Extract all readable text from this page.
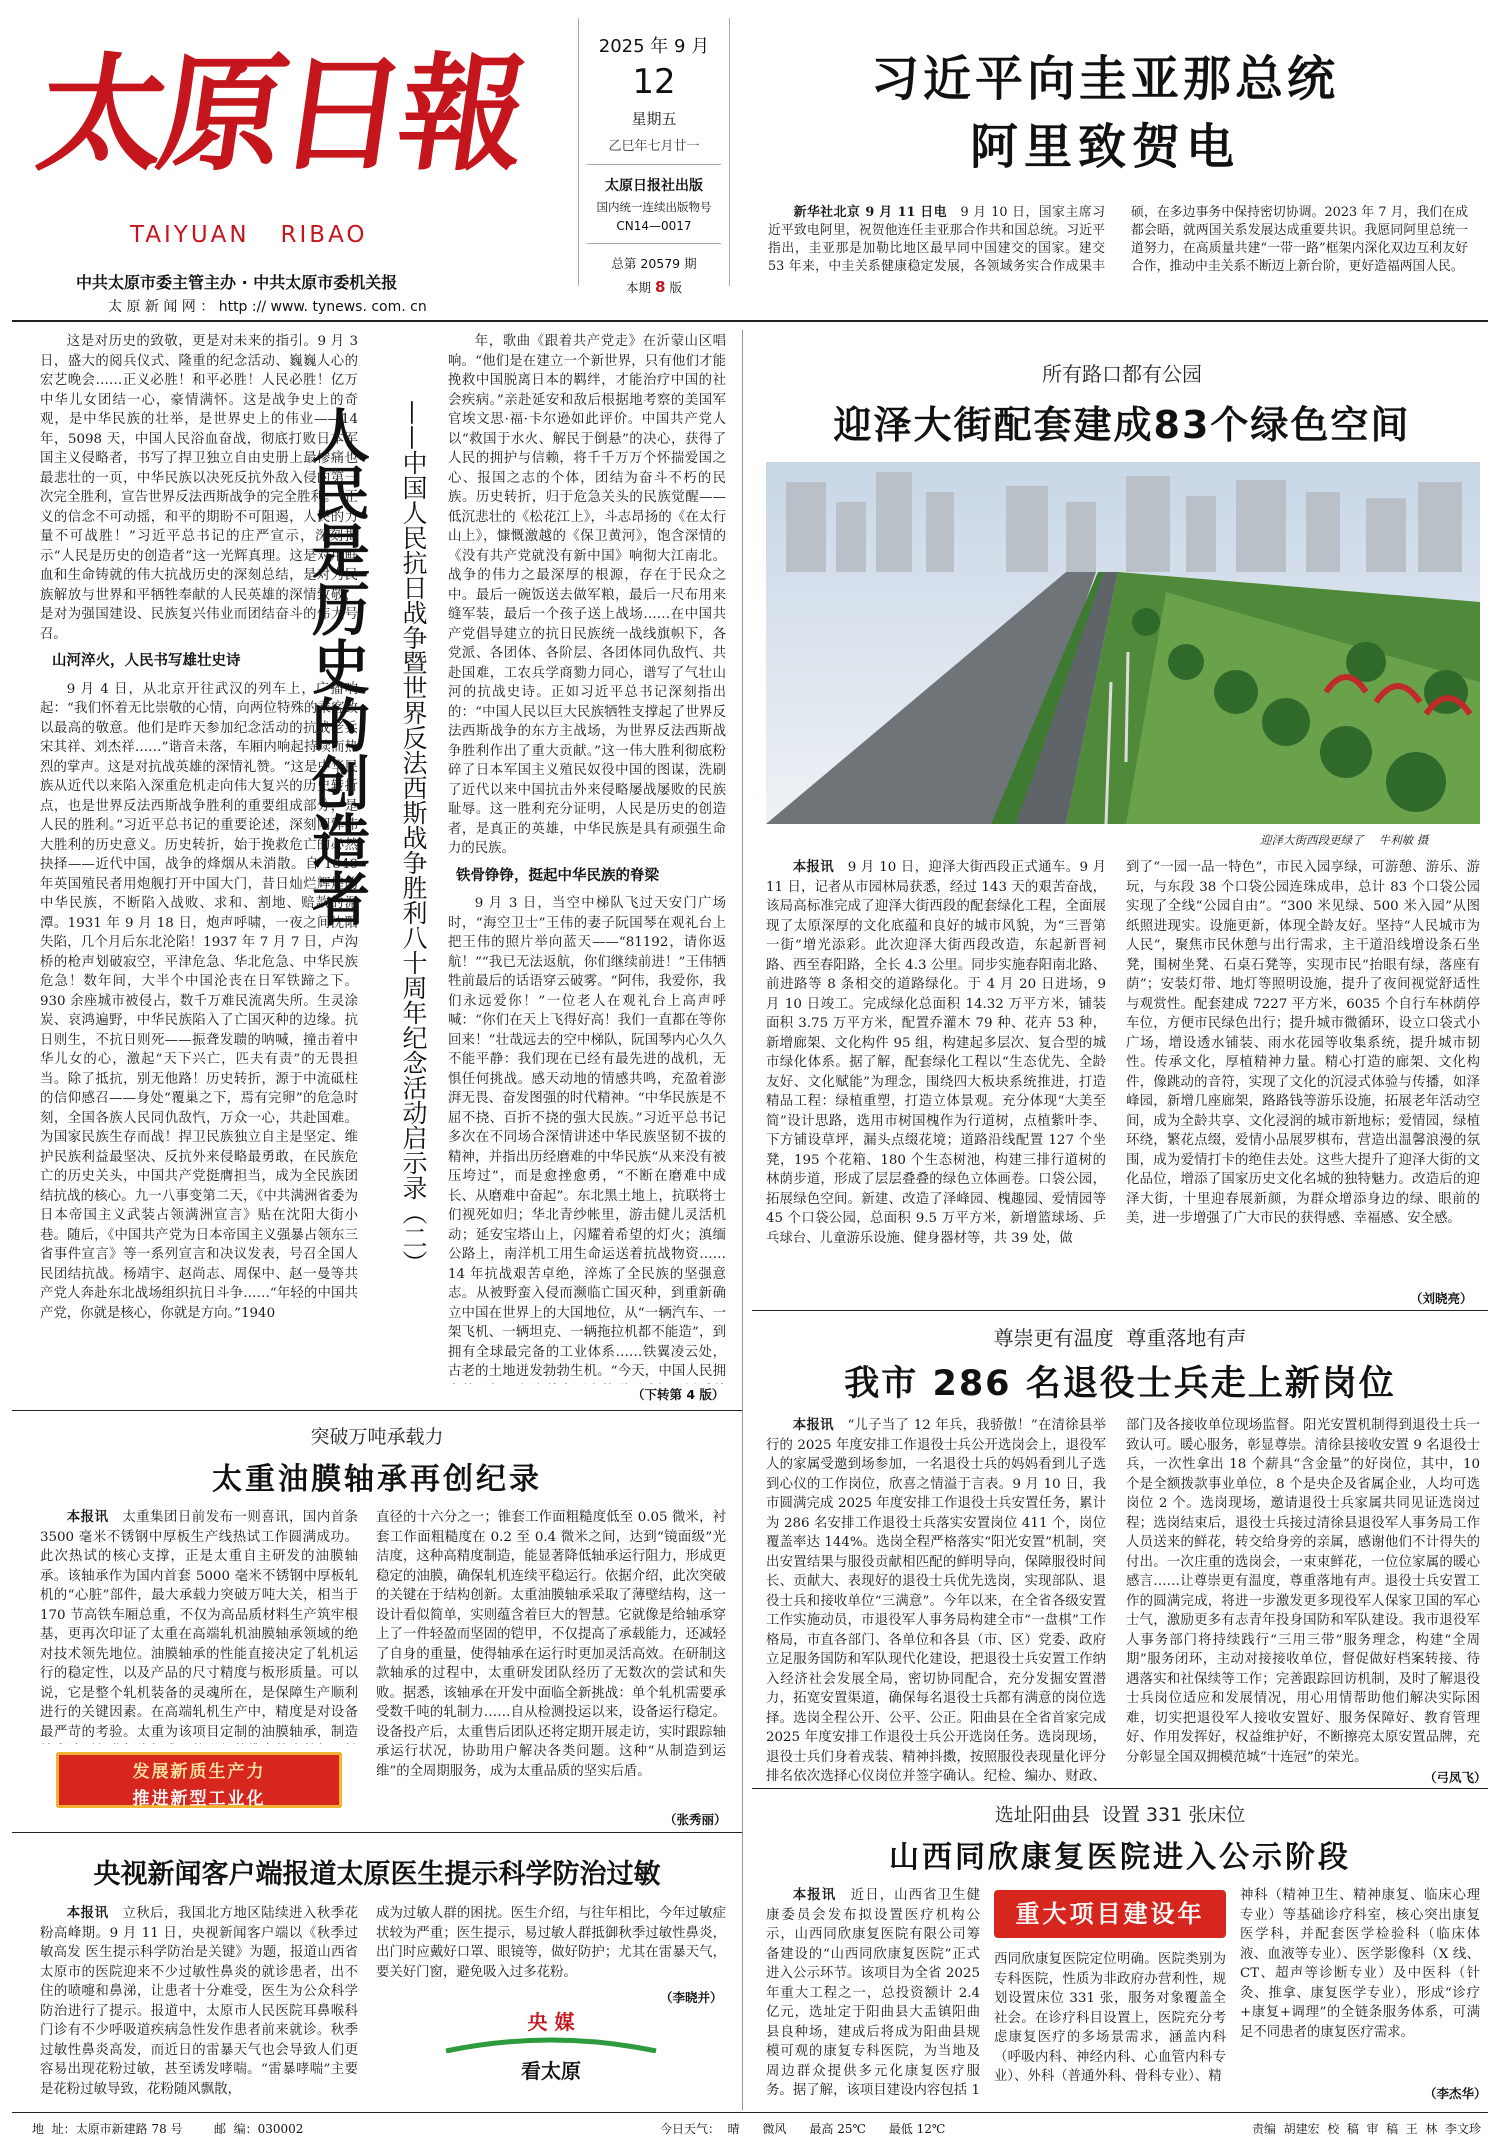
太原日報
TAIYUAN   RIBAO
中共太原市委主管主办 · 中共太原市委机关报
太 原 新 闻 网 ： http :// www. tynews. com. cn
2025 年 9 月
12
星期五
乙巳年七月廿一
太原日报社出版
国内统一连续出版物号
CN14—0017
总第 20579 期
本期 8 版
习近平向圭亚那总统
阿里致贺电

新华社北京 9 月 11 日电　 9 月 10 日，国家主席习近平致电阿里，祝贺他连任圭亚那合作共和国总统。习近平指出，圭亚那是加勒比地区最早同中国建交的国家。建交 53 年来，中圭关系健康稳定发展，各领域务实合作成果丰硕，在多边事务中保持密切协调。2023 年 7 月，我们在成都会晤，就两国关系发展达成重要共识。我愿同阿里总统一道努力，在高质量共建“一带一路”框架内深化双边互利友好合作，推动中圭关系不断迈上新台阶，更好造福两国人民。

这是对历史的致敬，更是对未来的指引。9 月 3 日，盛大的阅兵仪式、隆重的纪念活动、巍巍人心的宏艺晚会……正义必胜！和平必胜！人民必胜！亿万中华儿女团结一心，豪情满怀。这是战争史上的奇观，是中华民族的壮举，是世界史上的伟业——14 年，5098 天，中国人民浴血奋战，彻底打败日本军国主义侵略者，书写了捍卫独立自由史册上最惨痛也最悲壮的一页，中华民族以决死反抗外敌入侵的第一次完全胜利，宣告世界反法西斯战争的完全胜利。“正义的信念不可动摇，和平的期盼不可阻遏，人民的力量不可战胜！”习近平总书记的庄严宣示，深刻揭示“人民是历史的创造者”这一光辉真理。这是对用鲜血和生命铸就的伟大抗战历史的深刻总结，是对为民族解放与世界和平牺牲奉献的人民英雄的深情致敬，是对为强国建设、民族复兴伟业而团结奋斗的伟大号召。

山河淬火，人民书写雄壮史诗

9 月 4 日，从北京开往武汉的列车上，广播响起：“我们怀着无比崇敬的心情，向两位特殊的乘客致以最高的敬意。他们是昨天参加纪念活动的抗战老兵宋其祥、刘杰祥……”谐音未落，车厢内响起持续而热烈的掌声。这是对抗战英雄的深情礼赞。“这是中华民族从近代以来陷入深重危机走向伟大复兴的历史转折点，也是世界反法西斯战争胜利的重要组成部分，是人民的胜利。”习近平总书记的重要论述，深刻阐释伟大胜利的历史意义。历史转折，始于挽救危亡的必然抉择——近代中国，战争的烽烟从未消散。自 1840 年英国殖民者用炮舰打开中国大门，昔日灿烂辉煌的中华民族，不断陷入战败、求和、割地、赔款的泥潭。1931 年 9 月 18 日，炮声呼啸，一夜之间沈阳失陷，几个月后东北沦陷！1937 年 7 月 7 日，卢沟桥的枪声划破寂空，平津危急、华北危急、中华民族危急！数年间，大半个中国沦丧在日军铁蹄之下。930 余座城市被侵占，数千万难民流离失所。生灵涂炭、哀鸿遍野，中华民族陷入了亡国灭种的边缘。抗日则生，不抗日则死——振聋发聩的呐喊，撞击着中华儿女的心，激起“天下兴亡，匹夫有责”的无畏担当。除了抵抗，别无他路！历史转折，源于中流砥柱的信仰感召——身处“覆巢之下，焉有完卵”的危急时刻，全国各族人民同仇敌忾，万众一心，共赴国难。为国家民族生存而战！捍卫民族独立自主是坚定、维护民族利益最坚决、反抗外来侵略最勇敢，在民族危亡的历史关头，中国共产党挺膺担当，成为全民族团结抗战的核心。九一八事变第二天，《中共满洲省委为日本帝国主义武装占领满洲宣言》贴在沈阳大街小巷。随后，《中国共产党为日本帝国主义强暴占领东三省事件宣言》等一系列宣言和决议发表，号召全国人民团结抗战。杨靖宇、赵尚志、周保中、赵一曼等共产党人奔赴东北战场组织抗日斗争……“年轻的中国共产党，你就是核心，你就是方向。”1940

人民是历史的创造者	——中国人民抗日战争暨世界反法西斯战争胜利八十周年纪念活动启示录（二）

年，歌曲《跟着共产党走》在沂蒙山区唱响。“他们是在建立一个新世界，只有他们才能挽救中国脱离日本的羁绊，才能治疗中国的社会疾病。”亲赴延安和敌后根据地考察的美国军官埃文思·福·卡尔逊如此评价。中国共产党人以“救国于水火、解民于倒悬”的决心，获得了人民的拥护与信赖，将千千万万个怀揣爱国之心、报国之志的个体，团结为奋斗不朽的民族。历史转折，归于危急关头的民族觉醒——低沉悲壮的《松花江上》，斗志昂扬的《在太行山上》，慷慨激越的《保卫黄河》，饱含深情的《没有共产党就没有新中国》响彻大江南北。战争的伟力之最深厚的根源，存在于民众之中。最后一碗饭送去做军粮，最后一尺布用来缝军装，最后一个孩子送上战场……在中国共产党倡导建立的抗日民族统一战线旗帜下，各党派、各团体、各阶层、各团体同仇敌忾、共赴国难，工农兵学商勠力同心，谱写了气壮山河的抗战史诗。正如习近平总书记深刻指出的：“中国人民以巨大民族牺牲支撑起了世界反法西斯战争的东方主战场，为世界反法西斯战争胜利作出了重大贡献。”这一伟大胜利彻底粉碎了日本军国主义殖民奴役中国的图谋，洗刷了近代以来中国抗击外来侵略屡战屡败的民族耻辱。这一胜利充分证明，人民是历史的创造者，是真正的英雄，中华民族是具有顽强生命力的民族。

铁骨铮铮，挺起中华民族的脊梁

9 月 3 日，当空中梯队飞过天安门广场时，“海空卫士”王伟的妻子阮国琴在观礼台上把王伟的照片举向蓝天——“81192，请你返航！”“我已无法返航，你们继续前进！”王伟牺牲前最后的话语穿云破雾。“阿伟，我爱你，我们永远爱你！”一位老人在观礼台上高声呼喊：“你们在天上飞得好高！我们一直都在等你回来！”壮哉远去的空中梯队，阮国琴内心久久不能平静：我们现在已经有最先进的战机，无惧任何挑战。感天动地的情感共鸣，充盈着澎湃无畏、奋发图强的时代精神。“中华民族是不屈不挠、百折不挠的强大民族。”习近平总书记多次在不同场合深情讲述中华民族坚韧不拔的精神，并指出历经磨难的中华民族“从来没有被压垮过”，而是愈挫愈勇，“不断在磨难中成长、从磨难中奋起”。东北黑土地上，抗联将士们视死如归；华北青纱帐里，游击健儿灵活机动；延安宝塔山上，闪耀着希望的灯火；滇缅公路上，南洋机工用生命运送着抗战物资……14 年抗战艰苦卓绝，淬炼了全民族的坚强意志。从被野蛮入侵而濒临亡国灭种，到重新确立中国在世界上的大国地位，从“一辆汽车、一架飞机、一辆坦克、一辆拖拉机都不能造”，到拥有全球最完备的工业体系……铁翼凌云处，古老的土地迸发勃勃生机。“今天，中国人民拥

（下转第 4 版）
所有路口都有公园
迎泽大街配套建成83个绿色空间
迎泽大街西段更绿了 　 牛利敏 摄

本报讯　9 月 10 日，迎泽大街西段正式通车。9 月 11 日，记者从市园林局获悉，经过 143 天的艰苦奋战，该局高标准完成了迎泽大街西段的配套绿化工程，全面展现了太原深厚的文化底蕴和良好的城市风貌，为“三晋第一街”增光添彩。此次迎泽大街西段改造，东起新晋祠路、西至春阳路，全长 4.3 公里。同步实施春阳南北路、前进路等 8 条相交的道路绿化。于 4 月 20 日进场，9 月 10 日竣工。完成绿化总面积 14.32 万平方米，铺装面积 3.75 万平方米，配置乔灌木 79 种、花卉 53 种，新增廊架、文化构件 95 组，构建起多层次、复合型的城市绿化体系。据了解，配套绿化工程以“生态优先、全龄友好、文化赋能”为理念，围绕四大板块系统推进，打造精品工程：绿植重塑，打造立体景观。充分体现“大美至简”设计思路，选用市树国槐作为行道树，点植紫叶李、下方铺设草坪，漏头点缀花境；道路沿线配置 127 个坐凳，195 个花箱、180 个生态树池，构建三排行道树的林荫步道，形成了层层叠叠的绿色立体画卷。口袋公园，拓展绿色空间。新建、改造了泽峰园、槐趣园、爱情园等 45 个口袋公园，总面积 9.5 万平方米，新增篮球场、乒乓球台、儿童游乐设施、健身器材等，共 39 处，做

到了“一园一品一特色”，市民入园享绿，可游憩、游乐、游玩，与东段 38 个口袋公园连珠成串，总计 83 个口袋公园实现了全线“公园自由”。“300 米见绿、500 米入园”从图纸照进现实。设施更新，体现全龄友好。坚持“人民城市为人民”，聚焦市民休憩与出行需求，主干道沿线增设条石坐凳，围树坐凳、石桌石凳等，实现市民“抬眼有绿，落座有荫”；安装灯带、地灯等照明设施，提升了夜间视觉舒适性与观赏性。配套建成 7227 平方米，6035 个自行车林荫停车位，方便市民绿色出行；提升城市微循环，设立口袋式小广场，增设透水铺装、雨水花园等收集系统，提升城市韧性。传承文化，厚植精神力量。精心打造的廊架、文化构件，像跳动的音符，实现了文化的沉浸式体验与传播，如泽峰园，新增几座廊架，路路钱等游乐设施，拓展老年活动空间，成为全龄共享、文化浸润的城市新地标；爱情园，绿植环绕，繁花点缀，爱情小品展罗棋布，营造出温馨浪漫的氛围，成为爱情打卡的绝佳去处。这些大提升了迎泽大街的文化品位，增添了国家历史文化名城的独特魅力。改造后的迎泽大街，十里迎春展新颜，为群众增添身边的绿、眼前的美，进一步增强了广大市民的获得感、幸福感、安全感。

（刘晓亮）
尊崇更有温度  尊重落地有声
我市 286 名退役士兵走上新岗位

本报讯　“儿子当了 12 年兵，我骄傲！”在清徐县举行的 2025 年度安排工作退役士兵公开选岗会上，退役军人的家属受邀到场参加，一名退役士兵的妈妈看到儿子选到心仪的工作岗位，欣喜之情溢于言表。9 月 10 日，我市圆满完成 2025 年度安排工作退役士兵安置任务，累计为 286 名安排工作退役士兵落实安置岗位 411 个，岗位覆盖率达 144%。选岗全程严格落实“阳光安置”机制，突出安置结果与服役贡献相匹配的鲜明导向，保障服役时间长、贡献大、表现好的退役士兵优先选岗，实现部队、退役士兵和接收单位“三满意”。今年以来，在全省各级安置工作实施动员，市退役军人事务局构建全市“一盘棋”工作格局，市直各部门、各单位和各县（市、区）党委、政府立足服务国防和军队现代化建设，把退役士兵安置工作纳入经济社会发展全局，密切协同配合，充分发掘安置潜力，拓宽安置渠道，确保每名退役士兵都有满意的岗位选择。选岗全程公开、公平、公正。阳曲县在全省首家完成 2025 年度安排工作退役士兵公开选岗任务。选岗现场，退役士兵们身着戎装、精神抖擞，按照服役表现量化评分排名依次选择心仪岗位并签字确认。纪检、编办、财政、

部门及各接收单位现场监督。阳光安置机制得到退役士兵一致认可。暖心服务，彰显尊崇。清徐县接收安置 9 名退役士兵，一次性拿出 18 个薪具“含金量”的好岗位，其中，10 个是全额拨款事业单位，8 个是央企及省属企业，人均可选岗位 2 个。选岗现场，邀请退役士兵家属共同见证选岗过程；选岗结束后，退役士兵接过清徐县退役军人事务局工作人员送来的鲜花，转交给身旁的亲属，感谢他们不计得失的付出。一次庄重的选岗会，一束束鲜花，一位位家属的暖心感言……让尊崇更有温度，尊重落地有声。退役士兵安置工作的圆满完成，将进一步激发更多现役军人保家卫国的军心士气，激励更多有志青年投身国防和军队建设。我市退役军人事务部门将持续践行“三用三带”服务理念，构建“全周期”服务闭环，主动对接接收单位，督促做好档案转接、待遇落实和社保续等工作；完善跟踪回访机制，及时了解退役士兵岗位适应和发展情况，用心用情帮助他们解决实际困难，切实把退役军人接收安置好、服务保障好、教育管理好、作用发挥好，权益维护好，不断擦亮太原安置品牌，充分彰显全国双拥模范城“十连冠”的荣光。

（弓凤飞）
突破万吨承载力
太重油膜轴承再创纪录

本报讯　太重集团日前发布一则喜讯，国内首条 3500 毫米不锈钢中厚板生产线热试工作圆满成功。此次热试的核心支撑，正是太重自主研发的油膜轴承。该轴承作为国内首套 5000 毫米不锈钢中厚板轧机的“心脏”部件，最大承载力突破万吨大关，相当于 170 节高铁车厢总重，不仅为高品质材料生产筑牢根基，更再次印证了太重在高端轧机油膜轴承领域的绝对技术领先地位。油膜轴承的性能直接决定了轧机运行的稳定性，以及产品的尺寸精度与板形质量。可以说，它是整个轧机装备的灵魂所在，是保障生产顺利进行的关键因素。在高端轧机生产中，精度是对设备最严苛的考验。太重为该项目定制的油膜轴承，制造

发展新质生产力
推进新型工业化

直径的十六分之一；锥套工作面粗糙度低至 0.05 微米，衬套工作面粗糙度在 0.2 至 0.4 微米之间，达到“镜面级”光洁度，这种高精度制造，能显著降低轴承运行阻力，形成更稳定的油膜，确保轧机连续平稳运行。依据介绍，此次突破的关键在于结构创新。太重油膜轴承采取了薄壁结构，这一设计看似简单，实则蕴含着巨大的智慧。它就像是给轴承穿上了一件轻盈而坚固的铠甲，不仅提高了承载能力，还减轻了自身的重量，使得轴承在运行时更加灵活高效。在研制这款轴承的过程中，太重研发团队经历了无数次的尝试和失败。据悉，该轴承在开发中面临全新挑战：单个轧机需要承受数千吨的轧制力……自从检测投运以来，设备运行稳定。设备投产后，太重售后团队还将定期开展走访，实时跟踪轴承运行状况，协助用户解决各类问题。这种“从制造到运维”的全周期服务，成为太重品质的坚实后盾。

（张秀丽）
央视新闻客户端报道太原医生提示科学防治过敏

本报讯　立秋后，我国北方地区陆续进入秋季花粉高峰期。9 月 11 日，央视新闻客户端以《秋季过敏高发 医生提示科学防治是关键》为题，报道山西省太原市的医院迎来不少过敏性鼻炎的就诊患者，出不住的喷嚏和鼻涕，让患者十分难受，医生为公众科学防治进行了提示。报道中，太原市人民医院耳鼻喉科门诊有不少呼吸道疾病急性发作患者前来就诊。秋季过敏性鼻炎高发，而近日的雷暴天气也会导致人们更容易出现花粉过敏，甚至诱发哮喘。“雷暴哮喘”主要是花粉过敏导致，花粉随风飘散，

成为过敏人群的困扰。医生介绍，与往年相比，今年过敏症状较为严重；医生提示，易过敏人群抵御秋季过敏性鼻炎，出门时应戴好口罩、眼镜等，做好防护；尤其在雷暴天气，要关好门窗，避免吸入过多花粉。

（李晓并）
央 媒
看太原
选址阳曲县  设置 331 张床位
山西同欣康复医院进入公示阶段

本报讯　近日，山西省卫生健康委员会发布拟设置医疗机构公示，山西同欣康复医院有限公司筹备建设的“山西同欣康复医院”正式进入公示环节。该项目为全省 2025 年重大工程之一，总投资额计 2.4 亿元，选址定于阳曲县大盂镇阳曲县良种场，建成后将成为阳曲县规模可观的康复专科医院，为当地及周边群众提供多元化康复医疗服务。据了解，该项目建设内容包括 1

重大项目建设年

西同欣康复医院定位明确。医院类别为专科医院，性质为非政府办营利性，规划设置床位 331 张，服务对象覆盖全社会。在诊疗科目设置上，医院充分考虑康复医疗的多场景需求，涵盖内科（呼吸内科、神经内科、心血管内科专业）、外科（普通外科、骨科专业）、精

神科（精神卫生、精神康复、临床心理专业）等基础诊疗科室，核心突出康复医学科，并配套医学检验科（临床体液、血液等专业）、医学影像科（X 线、CT、超声等诊断专业）及中医科（针灸、推拿、康复医学专业），形成“诊疗+康复+调理”的全链条服务体系，可满足不同患者的康复医疗需求。

（李杰华）
地  址：太原市新建路 78 号	邮  编：030002	今日天气：  晴      微风      最高 25℃      最低 12℃	责编  胡建宏  校  稿  审  稿  王  林  李文珍
